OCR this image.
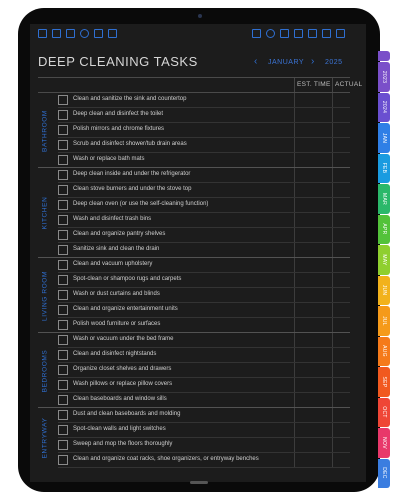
DEEP CLEANING TASKS	‹ JANUARY › 2025
EST. TIME ACTUAL
Clean and sanitize the sink and countertop
Deep clean and disinfect the toilet
Polish mirrors and chrome fixtures
Scrub and disinfect shower/tub drain areas
Wash or replace bath mats
BATHROOM
Deep clean inside and under the refrigerator
Clean stove burners and under the stove top
Deep clean oven (or use the self-cleaning function)
Wash and disinfect trash bins
Clean and organize pantry shelves
Sanitize sink and clean the drain
KITCHEN
Clean and vacuum upholstery
Spot-clean or shampoo rugs and carpets
Wash or dust curtains and blinds
Clean and organize entertainment units
Polish wood furniture or surfaces
LIVING ROOM
Wash or vacuum under the bed frame
Clean and disinfect nightstands
Organize closet shelves and drawers
Wash pillows or replace pillow covers
Clean baseboards and window sills
BEDROOMS
Dust and clean baseboards and molding
Spot-clean walls and light switches
Sweep and mop the floors thoroughly
Clean and organize coat racks, shoe organizers, or entryway benches
ENTRYWAY
2023
2024
JAN
FEB
MAR
APR
MAY
JUN
JUL
AUG
SEP
OCT
NOV
DEC
